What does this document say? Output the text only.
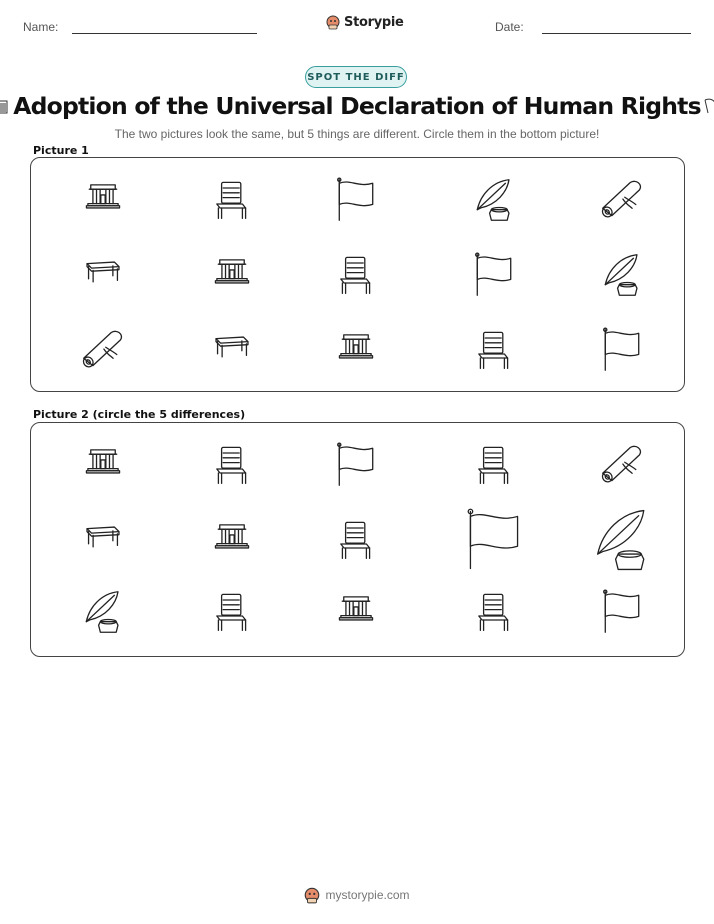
Name:	Storypie	Date:
SPOT THE DIFF
Adoption of the Universal Declaration of Human Rights
The two pictures look the same, but 5 things are different. Circle them in the bottom picture!
Picture 1
Picture 2 (circle the 5 differences)
mystorypie.com
